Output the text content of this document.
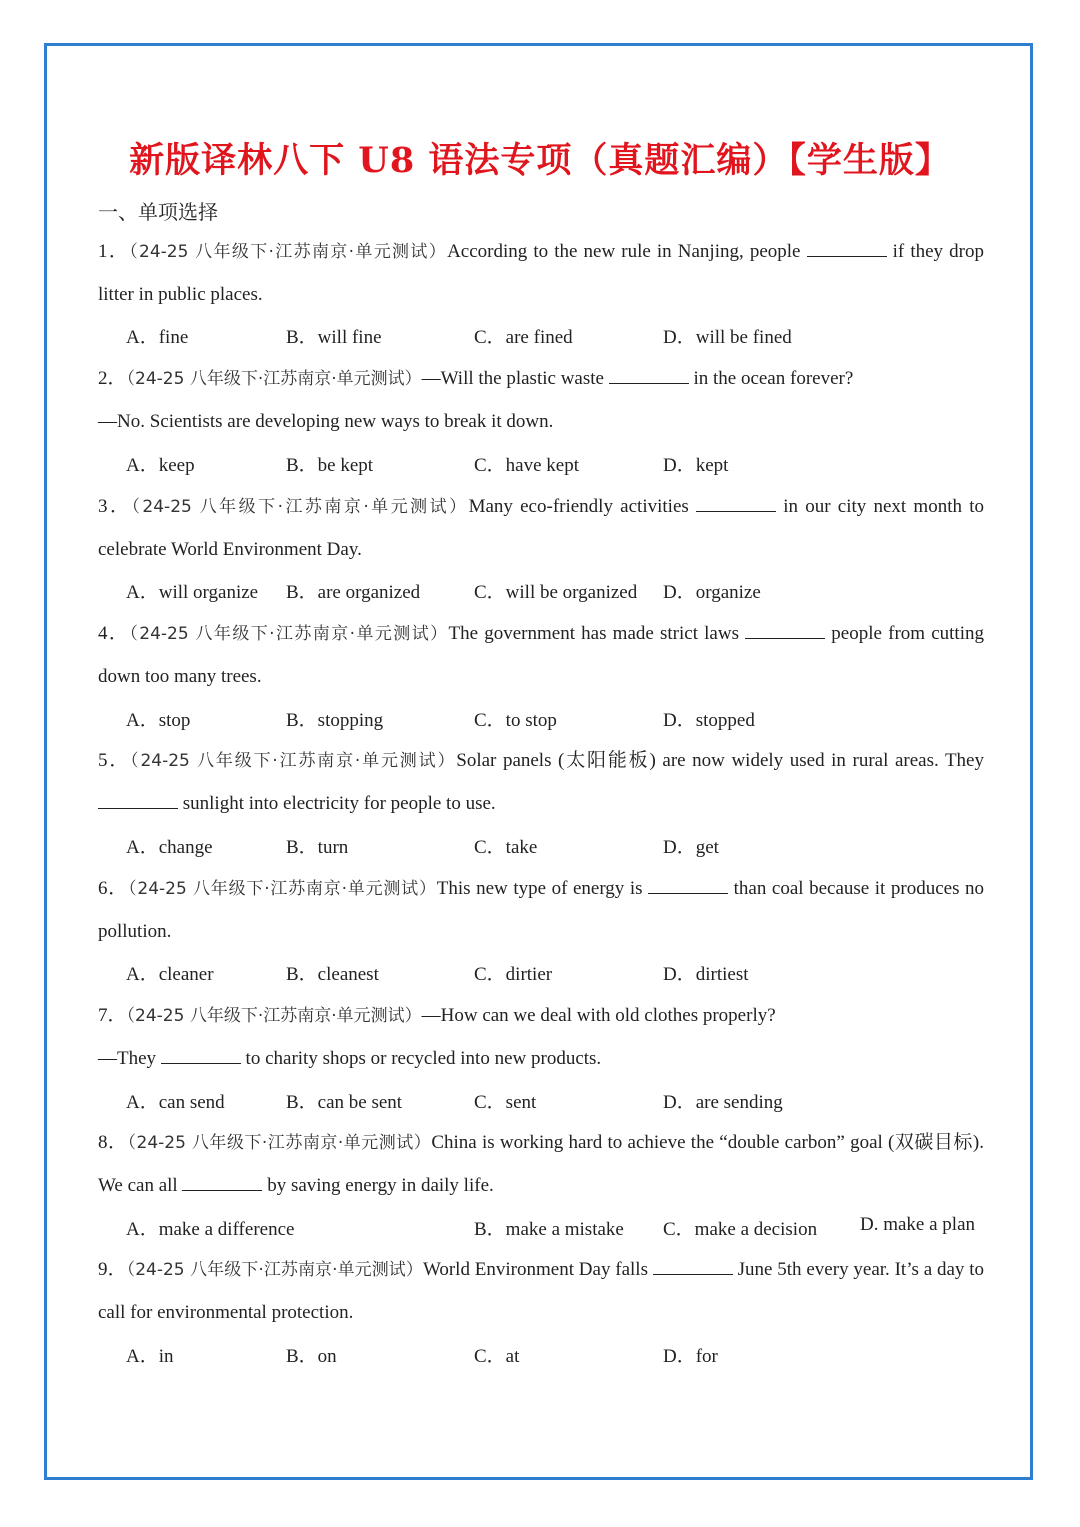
新版译林八下 U8 语法专项（真题汇编）【学生版】
一、单项选择
1．（24-25 八年级下·江苏南京·单元测试）According to the new rule in Nanjing, people	if they drop litter in public places.
A．fine	B．will fine	C．are fined	D．will be fined
2．（24-25 八年级下·江苏南京·单元测试）—Will the plastic waste	in the ocean forever?
—No. Scientists are developing new ways to break it down.
A．keep	B．be kept	C．have kept	D．kept
3．（24-25 八年级下·江苏南京·单元测试）Many eco-friendly activities	in our city next month to celebrate World Environment Day.
A．will organize B．are organized	C．will be organized D．organize
4．（24-25 八年级下·江苏南京·单元测试）The government has made strict laws	people from cutting down too many trees.
A．stop	B．stopping	C．to stop	D．stopped
5．（24-25 八年级下·江苏南京·单元测试）Solar panels (太阳能板) are now widely used in rural areas. They  sunlight into electricity for people to use.
A．change	B．turn	C．take	D．get
6．（24-25 八年级下·江苏南京·单元测试）This new type of energy is	than coal because it produces no pollution.
A．cleaner	B．cleanest	C．dirtier	D．dirtiest
7．（24-25 八年级下·江苏南京·单元测试）—How can we deal with old clothes properly?
—They	to charity shops or recycled into new products.
A．can send	B．can be sent	C．sent	D．are sending
8．（24-25 八年级下·江苏南京·单元测试）China is working hard to achieve the “double carbon” goal (双碳目标). We can all	by saving energy in daily life.
A．make a difference	B．make a mistake C．make a decision D. make a plan
9．（24-25 八年级下·江苏南京·单元测试）World Environment Day falls	June 5th every year. It’s a day to call for environmental protection.
A．in	B．on	C．at	D．for
